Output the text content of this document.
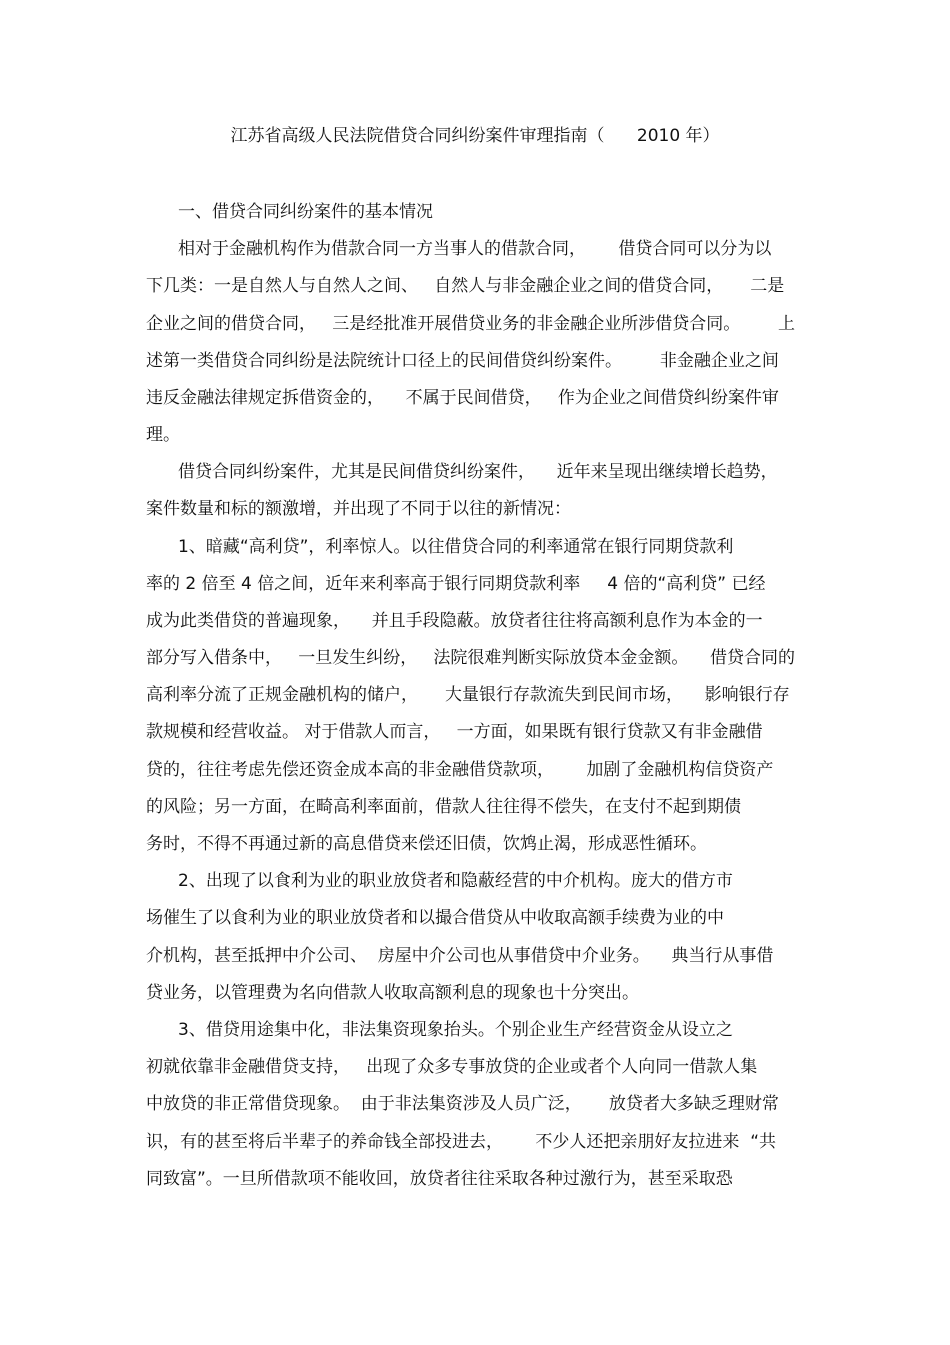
江苏省高级人民法院借贷合同纠纷案件审理指南（      2010 年）
一、借贷合同纠纷案件的基本情况
相对于金融机构作为借款合同一方当事人的借款合同，      借贷合同可以分为以
下几类：一是自然人与自然人之间、   自然人与非金融企业之间的借贷合同，     二是
企业之间的借贷合同，   三是经批准开展借贷业务的非金融企业所涉借贷合同。       上
述第一类借贷合同纠纷是法院统计口径上的民间借贷纠纷案件。       非金融企业之间
违反金融法律规定拆借资金的，    不属于民间借贷，   作为企业之间借贷纠纷案件审
理。
借贷合同纠纷案件，尤其是民间借贷纠纷案件，    近年来呈现出继续增长趋势，
案件数量和标的额激增，并出现了不同于以往的新情况：
1、暗藏“高利贷”，利率惊人。以往借贷合同的利率通常在银行同期贷款利
率的 2 倍至 4 倍之间，近年来利率高于银行同期贷款利率     4 倍的“高利贷” 已经
成为此类借贷的普遍现象，    并且手段隐蔽。放贷者往往将高额利息作为本金的一
部分写入借条中，   一旦发生纠纷，   法院很难判断实际放贷本金金额。    借贷合同的
高利率分流了正规金融机构的储户，     大量银行存款流失到民间市场，    影响银行存
款规模和经营收益。 对于借款人而言，   一方面，如果既有银行贷款又有非金融借
贷的，往往考虑先偿还资金成本高的非金融借贷款项，      加剧了金融机构信贷资产
的风险；另一方面，在畸高利率面前，借款人往往得不偿失，在支付不起到期债
务时，不得不再通过新的高息借贷来偿还旧债，饮鸩止渴，形成恶性循环。
2、出现了以食利为业的职业放贷者和隐蔽经营的中介机构。庞大的借方市
场催生了以食利为业的职业放贷者和以撮合借贷从中收取高额手续费为业的中
介机构，甚至抵押中介公司、  房屋中介公司也从事借贷中介业务。    典当行从事借
贷业务，以管理费为名向借款人收取高额利息的现象也十分突出。
3、借贷用途集中化，非法集资现象抬头。个别企业生产经营资金从设立之
初就依靠非金融借贷支持，   出现了众多专事放贷的企业或者个人向同一借款人集
中放贷的非正常借贷现象。  由于非法集资涉及人员广泛，     放贷者大多缺乏理财常
识，有的甚至将后半辈子的养命钱全部投进去，      不少人还把亲朋好友拉进来  “共
同致富”。一旦所借款项不能收回，放贷者往往采取各种过激行为，甚至采取恐
